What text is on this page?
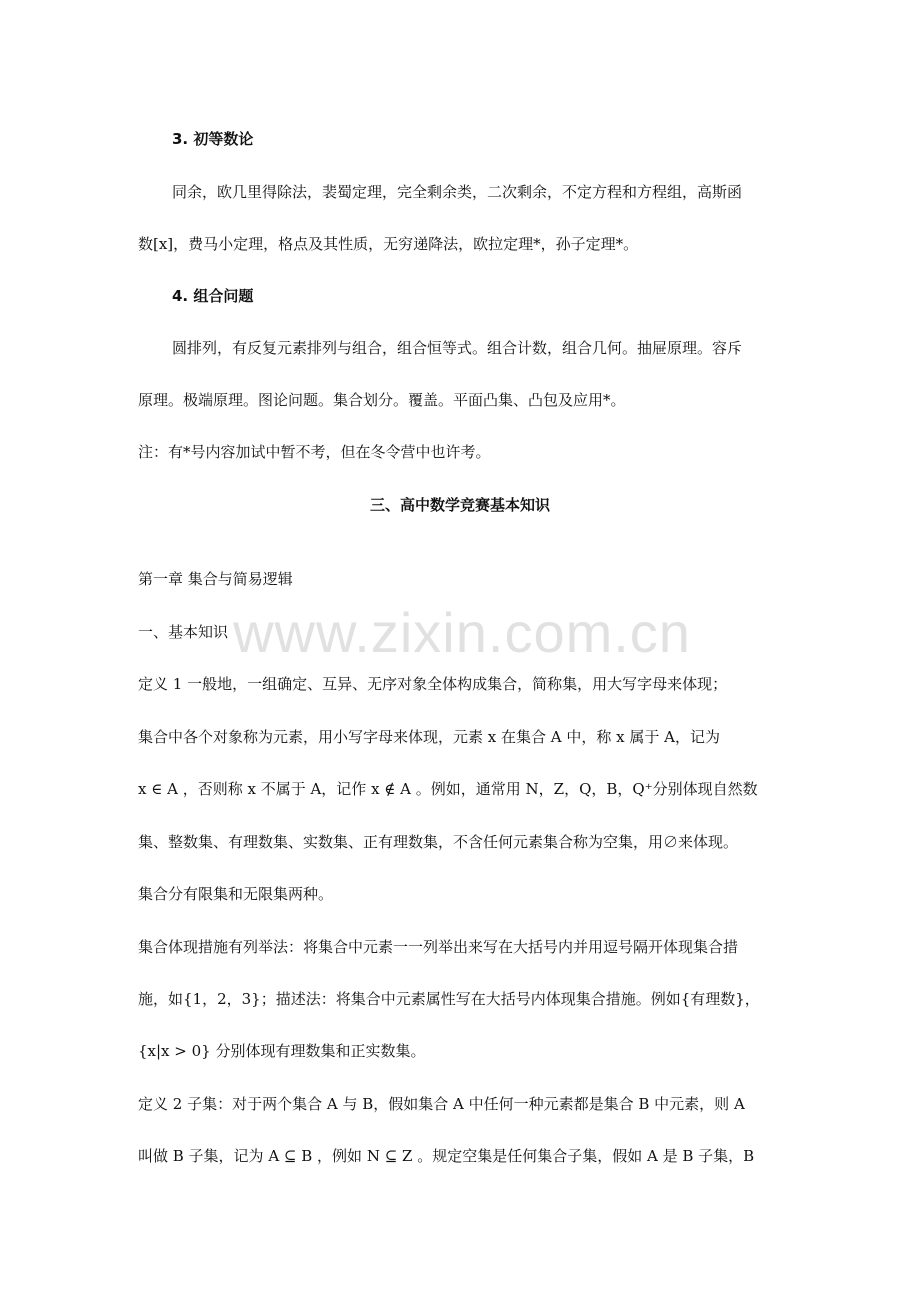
3. 初等数论
同余，欧几里得除法，裴蜀定理，完全剩余类，二次剩余，不定方程和方程组，高斯函
数[x]，费马小定理，格点及其性质，无穷递降法，欧拉定理*，孙子定理*。
4. 组合问题
圆排列，有反复元素排列与组合，组合恒等式。组合计数，组合几何。抽屉原理。容斥
原理。极端原理。图论问题。集合划分。覆盖。平面凸集、凸包及应用*。
注：有*号内容加试中暂不考，但在冬令营中也许考。
三、高中数学竞赛基本知识
第一章 集合与简易逻辑
一、基本知识
定义 1 一般地，一组确定、互异、无序对象全体构成集合，简称集，用大写字母来体现；
集合中各个对象称为元素，用小写字母来体现，元素 x 在集合 A 中，称 x 属于 A，记为
x ∈ A ，否则称 x 不属于 A，记作 x ∉ A 。例如，通常用 N，Z，Q，B，Q⁺分别体现自然数
集、整数集、有理数集、实数集、正有理数集，不含任何元素集合称为空集，用∅来体现。
集合分有限集和无限集两种。
集合体现措施有列举法：将集合中元素一一列举出来写在大括号内并用逗号隔开体现集合措
施，如{1，2，3}；描述法：将集合中元素属性写在大括号内体现集合措施。例如{有理数}，
{x|x > 0} 分别体现有理数集和正实数集。
定义 2 子集：对于两个集合 A 与 B，假如集合 A 中任何一种元素都是集合 B 中元素，则 A
叫做 B 子集，记为 A ⊆ B ，例如 N ⊆ Z 。规定空集是任何集合子集，假如 A 是 B 子集，B
www.zixin.com.cn
